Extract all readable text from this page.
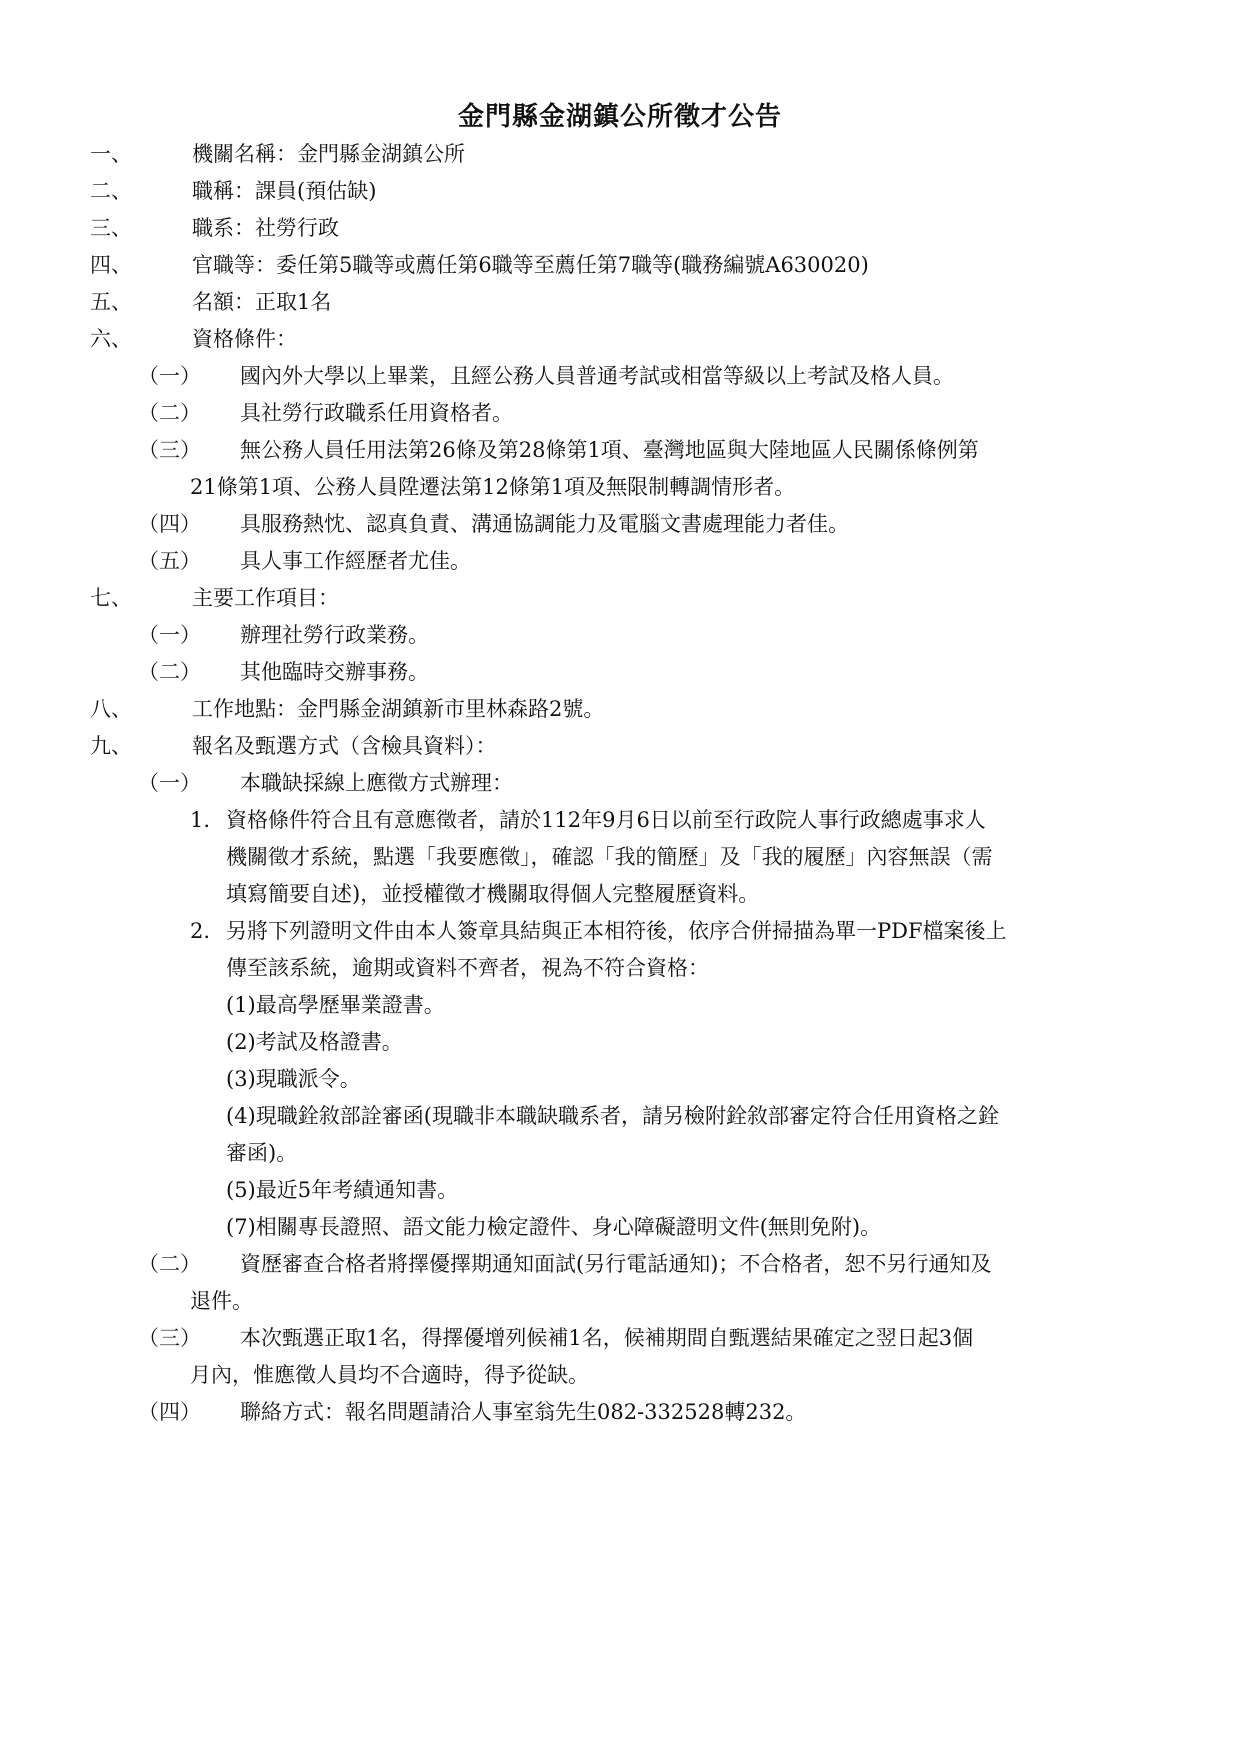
金門縣金湖鎮公所徵才公告
一、	機關名稱：金門縣金湖鎮公所
二、	職稱：課員(預估缺)
三、	職系：社勞行政
四、	官職等：委任第5職等或薦任第6職等至薦任第7職等(職務編號A630020)
五、	名額：正取1名
六、	資格條件：
（一） 國內外大學以上畢業，且經公務人員普通考試或相當等級以上考試及格人員。
（二） 具社勞行政職系任用資格者。
（三） 無公務人員任用法第26條及第28條第1項、臺灣地區與大陸地區人民關係條例第
21條第1項、公務人員陞遷法第12條第1項及無限制轉調情形者。
（四） 具服務熱忱、認真負責、溝通協調能力及電腦文書處理能力者佳。
（五） 具人事工作經歷者尤佳。
七、	主要工作項目：
（一） 辦理社勞行政業務。
（二） 其他臨時交辦事務。
八、	工作地點：金門縣金湖鎮新市里林森路2號。
九、	報名及甄選方式（含檢具資料）：
（一） 本職缺採線上應徵方式辦理：
1. 資格條件符合且有意應徵者，請於112年9月6日以前至行政院人事行政總處事求人
機關徵才系統，點選「我要應徵」，確認「我的簡歷」及「我的履歷」內容無誤（需
填寫簡要自述)，並授權徵才機關取得個人完整履歷資料。
2. 另將下列證明文件由本人簽章具結與正本相符後，依序合併掃描為單一PDF檔案後上
傳至該系統，逾期或資料不齊者，視為不符合資格：
(1)最高學歷畢業證書。
(2)考試及格證書。
(3)現職派令。
(4)現職銓敘部詮審函(現職非本職缺職系者，請另檢附銓敘部審定符合任用資格之銓
審函)。
(5)最近5年考績通知書。
(7)相關專長證照、語文能力檢定證件、身心障礙證明文件(無則免附)。
（二） 資歷審查合格者將擇優擇期通知面試(另行電話通知)；不合格者，恕不另行通知及
退件。
（三） 本次甄選正取1名，得擇優增列候補1名，候補期間自甄選結果確定之翌日起3個
月內，惟應徵人員均不合適時，得予從缺。
（四） 聯絡方式：報名問題請洽人事室翁先生082-332528轉232。
